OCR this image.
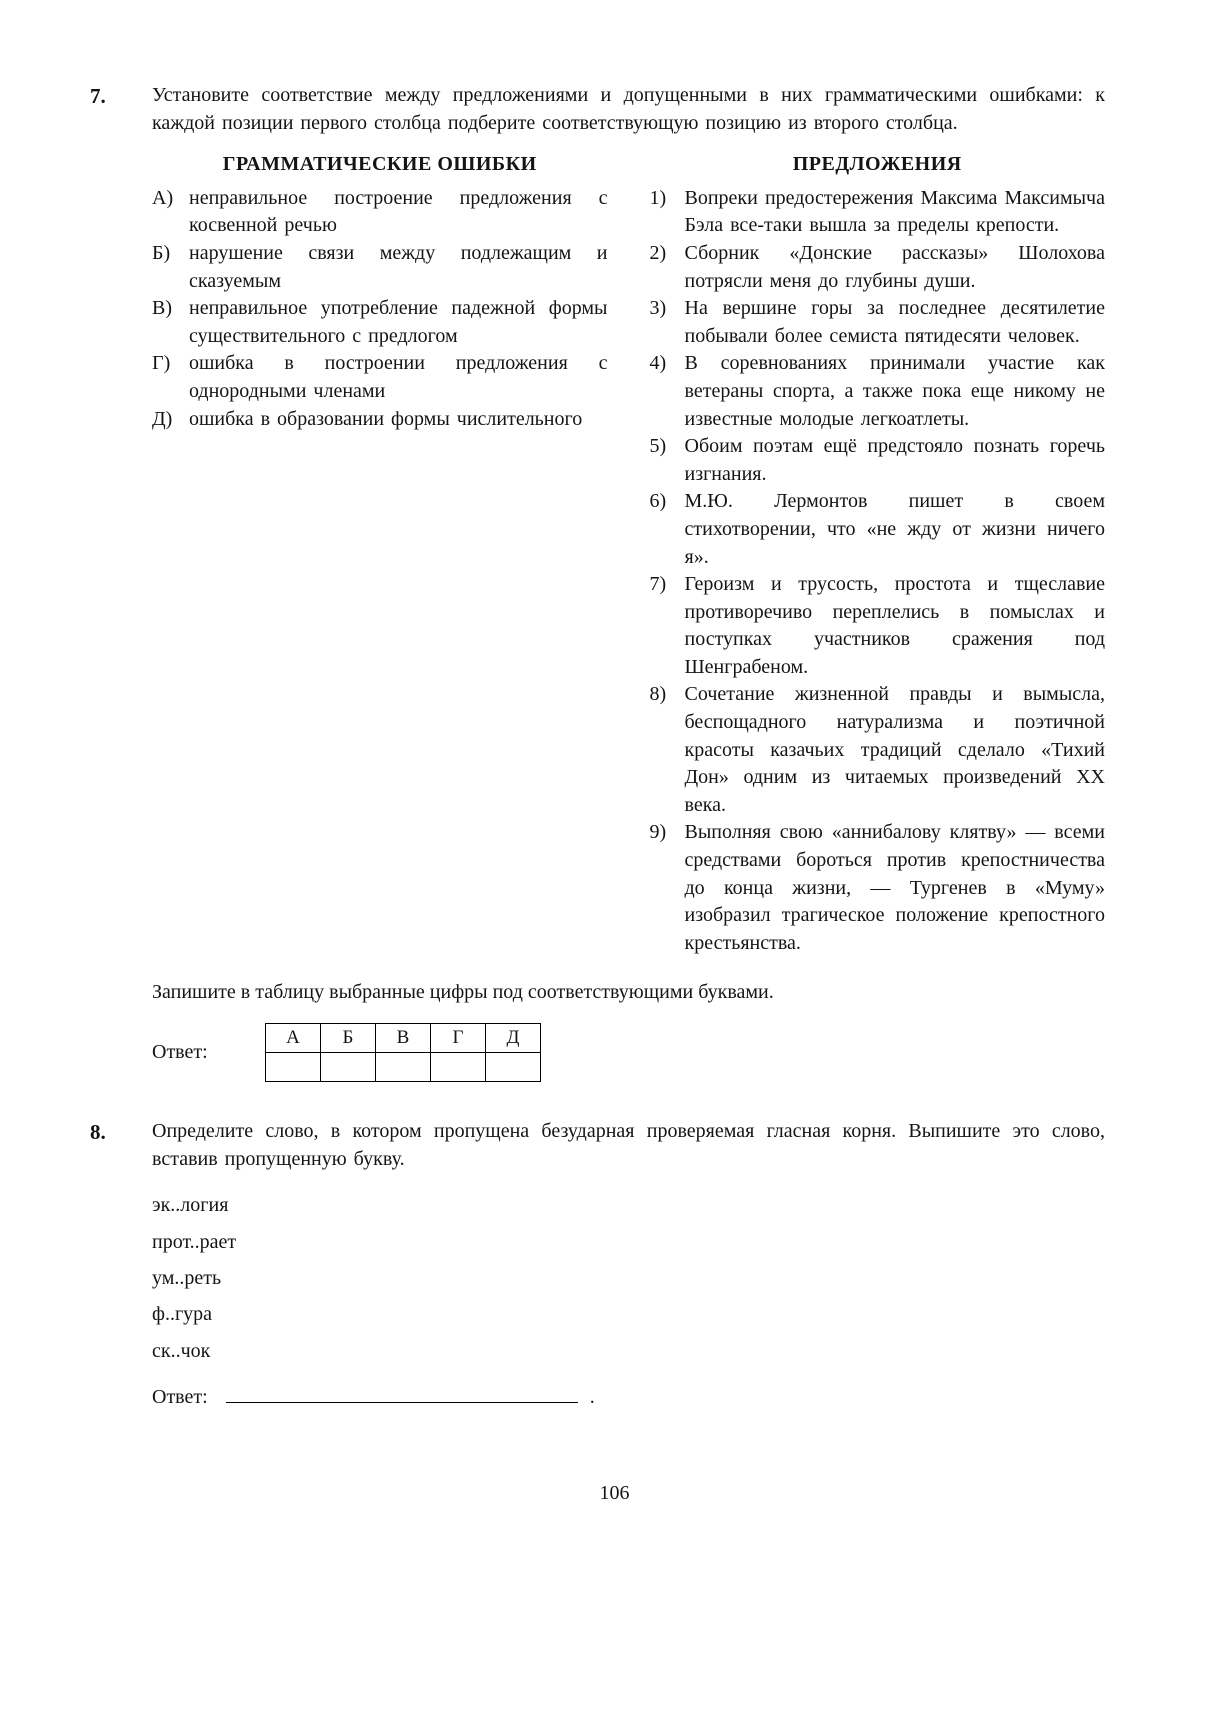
7.	Установите соответствие между предложениями и допущенными в них грамматическими ошибками: к каждой позиции первого столбца подберите соответствующую позицию из второго столбца.

ГРАММАТИЧЕСКИЕ ОШИБКИ
А) неправильное построение предложения с косвенной речью
Б) нарушение связи между подлежащим и сказуемым
В) неправильное употребление падежной формы существительного с предлогом
Г) ошибка в построении предложения с однородными членами
Д) ошибка в образовании формы числительного
ПРЕДЛОЖЕНИЯ
1) Вопреки предостережения Максима Максимыча Бэла все-таки вышла за пределы крепости.
2) Сборник «Донские рассказы» Шолохова потрясли меня до глубины души.
3) На вершине горы за последнее десятилетие побывали более семиста пятидесяти человек.
4) В соревнованиях принимали участие как ветераны спорта, а также пока еще никому не известные молодые легкоатлеты.
5) Обоим поэтам ещё предстояло познать горечь изгнания.
6) М.Ю. Лермонтов пишет в своем стихотворении, что «не жду от жизни ничего я».
7) Героизм и трусость, простота и тщеславие противоречиво переплелись в помыслах и поступках участников сражения под Шенграбеном.
8) Сочетание жизненной правды и вымысла, беспощадного натурализма и поэтичной красоты казачьих традиций сделало «Тихий Дон» одним из читаемых произведений XX века.
9) Выполняя свою «аннибалову клятву» — всеми средствами бороться против крепостничества до конца жизни, — Тургенев в «Муму» изобразил трагическое положение крепостного крестьянства.

Запишите в таблицу выбранные цифры под соответствующими буквами.

Ответ:
А	Б	В	Г	Д

8.	Определите слово, в котором пропущена безударная проверяемая гласная корня. Выпишите это слово, вставив пропущенную букву.

эк..логия
прот..рает
ум..реть
ф..гура
ск..чок
Ответ:	.
106
